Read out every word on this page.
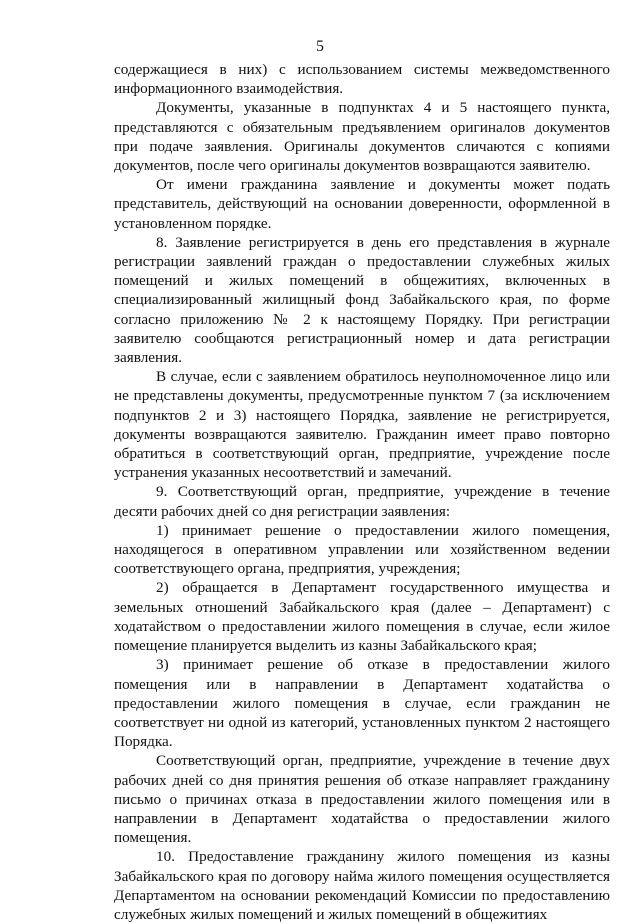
5

содержащиеся в них) с использованием системы межведомственного информационного взаимодействия.

Документы, указанные в подпунктах 4 и 5 настоящего пункта, представляются с обязательным предъявлением оригиналов документов при подаче заявления. Оригиналы документов сличаются с копиями документов, после чего оригиналы документов возвращаются заявителю.

От имени гражданина заявление и документы может подать представитель, действующий на основании доверенности, оформленной в установленном порядке.

8. Заявление регистрируется в день его представления в журнале регистрации заявлений граждан о предоставлении служебных жилых помещений и жилых помещений в общежитиях, включенных в специализированный жилищный фонд Забайкальского края, по форме согласно приложению № 2 к настоящему Порядку. При регистрации заявителю сообщаются регистрационный номер и дата регистрации заявления.

В случае, если с заявлением обратилось неуполномоченное лицо или не представлены документы, предусмотренные пунктом 7 (за исключением подпунктов 2 и 3) настоящего Порядка, заявление не регистрируется, документы возвращаются заявителю. Гражданин имеет право повторно обратиться в соответствующий орган, предприятие, учреждение после устранения указанных несоответствий и замечаний.

9. Соответствующий орган, предприятие, учреждение в течение десяти рабочих дней со дня регистрации заявления:

1) принимает решение о предоставлении жилого помещения, находящегося в оперативном управлении или хозяйственном ведении соответствующего органа, предприятия, учреждения;

2) обращается в Департамент государственного имущества и земельных отношений Забайкальского края (далее – Департамент) с ходатайством о предоставлении жилого помещения в случае, если жилое помещение планируется выделить из казны Забайкальского края;

3) принимает решение об отказе в предоставлении жилого помещения или в направлении в Департамент ходатайства о предоставлении жилого помещения в случае, если гражданин не соответствует ни одной из категорий, установленных пунктом 2 настоящего Порядка.

Соответствующий орган, предприятие, учреждение в течение двух рабочих дней со дня принятия решения об отказе направляет гражданину письмо о причинах отказа в предоставлении жилого помещения или в направлении в Департамент ходатайства о предоставлении жилого помещения.

10. Предоставление гражданину жилого помещения из казны Забайкальского края по договору найма жилого помещения осуществляется Департаментом на основании рекомендаций Комиссии по предоставлению служебных жилых помещений и жилых помещений в общежитиях
